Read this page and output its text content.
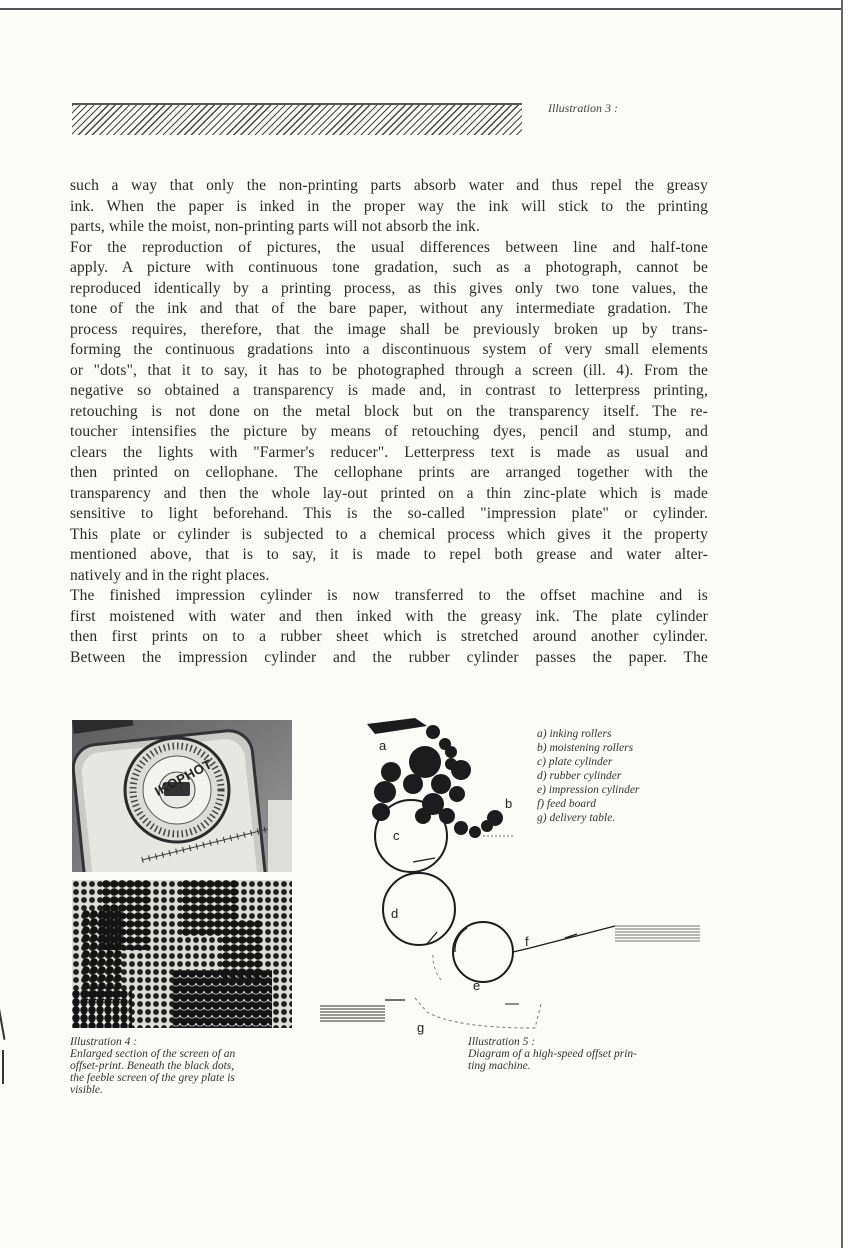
Illustration 3 :

such a way that only the non-printing parts absorb water and thus repel the greasy
ink. When the paper is inked in the proper way the ink will stick to the printing
parts, while the moist, non-printing parts will not absorb the ink.
For the reproduction of pictures, the usual differences between line and half-tone
apply. A picture with continuous tone gradation, such as a photograph, cannot be
reproduced identically by a printing process, as this gives only two tone values, the
tone of the ink and that of the bare paper, without any intermediate gradation. The
process requires, therefore, that the image shall be previously broken up by trans-
forming the continuous gradations into a discontinuous system of very small elements
or "dots", that it to say, it has to be photographed through a screen (ill. 4). From the
negative so obtained a transparency is made and, in contrast to letterpress printing,
retouching is not done on the metal block but on the transparency itself. The re-
toucher intensifies the picture by means of retouching dyes, pencil and stump, and
clears the lights with "Farmer's reducer". Letterpress text is made as usual and
then printed on cellophane. The cellophane prints are arranged together with the
transparency and then the whole lay-out printed on a thin zinc-plate which is made
sensitive to light beforehand. This is the so-called "impression plate" or cylinder.
This plate or cylinder is subjected to a chemical process which gives it the property
mentioned above, that is to say, it is made to repel both grease and water alter-
natively and in the right places.
The finished impression cylinder is now transferred to the offset machine and is
first moistened with water and then inked with the greasy ink. The plate cylinder
then first prints on to a rubber sheet which is stretched around another cylinder.
Between the impression cylinder and the rubber cylinder passes the paper. The

IKOPHOT
Illustration 4 :
Enlarged section of the screen of an
offset-print. Beneath the black dots,
the feeble screen of the grey plate is
visible.
a
b
c
d
e
f
g
a) inking rollers
b) moistening rollers
c) plate cylinder
d) rubber cylinder
e) impression cylinder
f) feed board
g) delivery table.
Illustration 5 :
Diagram of a high-speed offset prin-
ting machine.
